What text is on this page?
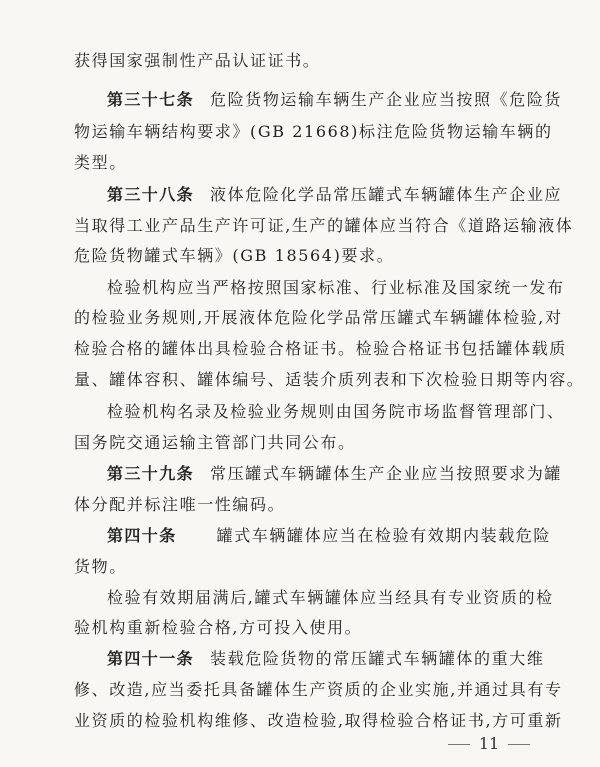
获得国家强制性产品认证证书。
第三十七条 危险货物运输车辆生产企业应当按照《危险货
物运输车辆结构要求》(GB 21668)标注危险货物运输车辆的
类型。
第三十八条 液体危险化学品常压罐式车辆罐体生产企业应
当取得工业产品生产许可证,生产的罐体应当符合《道路运输液体
危险货物罐式车辆》(GB 18564)要求。
检验机构应当严格按照国家标准、行业标准及国家统一发布
的检验业务规则,开展液体危险化学品常压罐式车辆罐体检验,对
检验合格的罐体出具检验合格证书。检验合格证书包括罐体载质
量、罐体容积、罐体编号、适装介质列表和下次检验日期等内容。
检验机构名录及检验业务规则由国务院市场监督管理部门、
国务院交通运输主管部门共同公布。
第三十九条 常压罐式车辆罐体生产企业应当按照要求为罐
体分配并标注唯一性编码。
第四十条	罐式车辆罐体应当在检验有效期内装载危险
货物。
检验有效期届满后,罐式车辆罐体应当经具有专业资质的检
验机构重新检验合格,方可投入使用。
第四十一条 装载危险货物的常压罐式车辆罐体的重大维
修、改造,应当委托具备罐体生产资质的企业实施,并通过具有专
业资质的检验机构维修、改造检验,取得检验合格证书,方可重新
11
